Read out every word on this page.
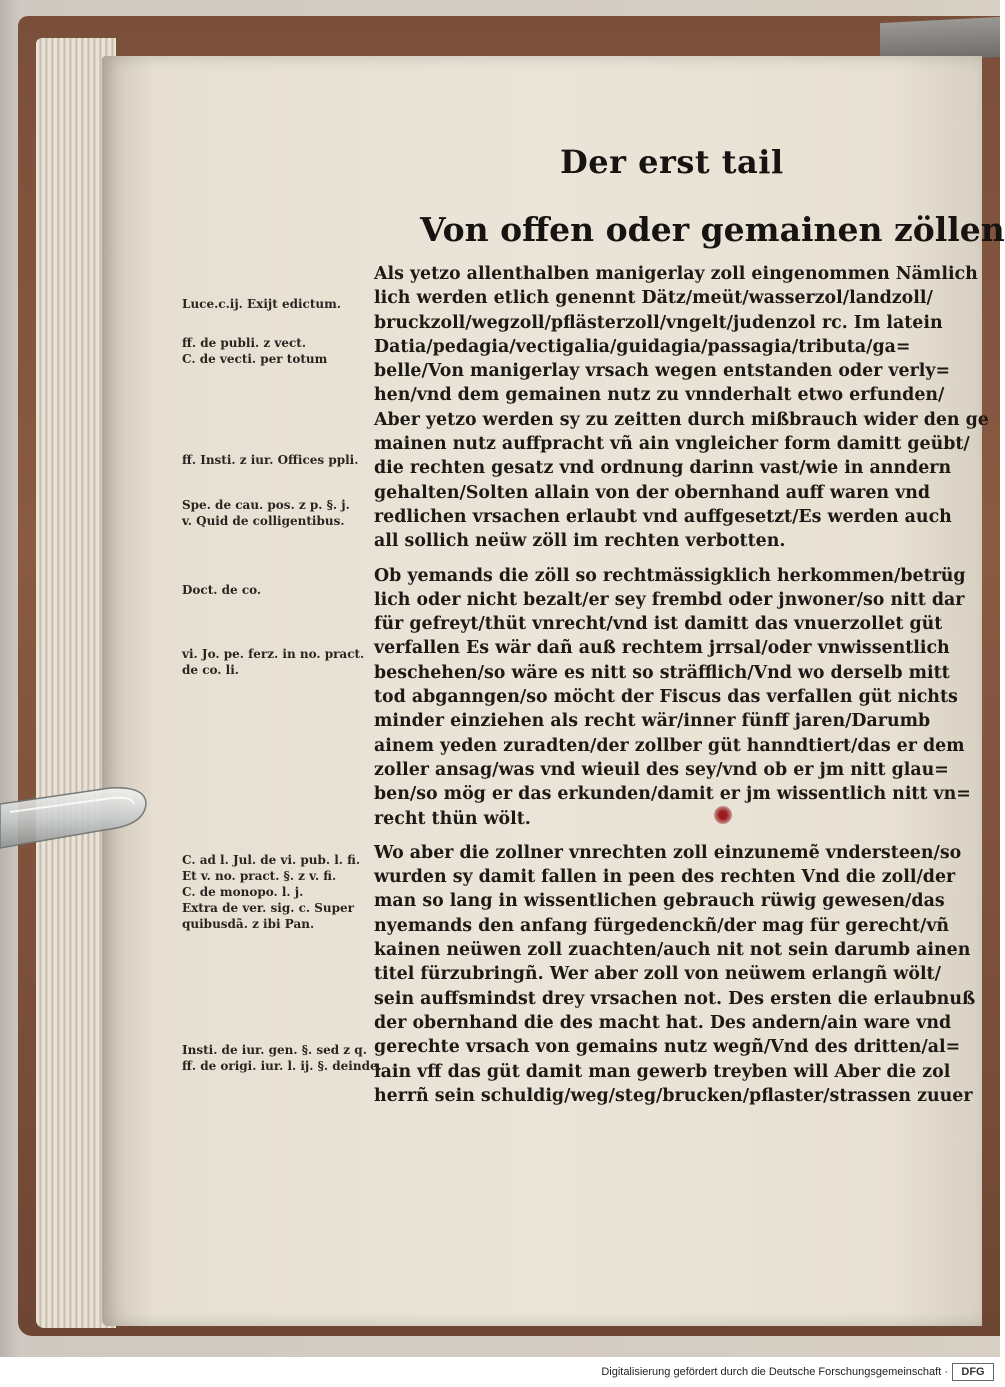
Der erst tail
Von offen oder gemainen zöllen
Als yetzo allenthalben manigerlay zoll eingenommen Nämlich
lich werden etlich genennt Dätz/meüt/wasserzol/landzoll/
bruckzoll/wegzoll/pflästerzoll/vngelt/judenzol rc. Im latein
Datia/pedagia/vectigalia/guidagia/passagia/tributa/ga=
belle/Von manigerlay vrsach wegen entstanden oder verly=
hen/vnd dem gemainen nutz zu vnnderhalt etwo erfunden/
Aber yetzo werden sy zu zeitten durch mißbrauch wider den ge
mainen nutz auffpracht vñ ain vngleicher form damitt geübt/
die rechten gesatz vnd ordnung darinn vast/wie in anndern
gehalten/Solten allain von der obernhand auff waren vnd
redlichen vrsachen erlaubt vnd auffgesetzt/Es werden auch
all sollich neüw zöll im rechten verbotten.
Ob yemands die zöll so rechtmässigklich herkommen/betrüg
lich oder nicht bezalt/er sey frembd oder jnwoner/so nitt dar
für gefreyt/thüt vnrecht/vnd ist damitt das vnuerzollet güt
verfallen Es wär dañ auß rechtem jrrsal/oder vnwissentlich
beschehen/so wäre es nitt so sträfflich/Vnd wo derselb mitt
tod abganngen/so möcht der Fiscus das verfallen güt nichts
minder einziehen als recht wär/inner fünff jaren/Darumb
ainem yeden zuradten/der zollber güt hanndtiert/das er dem
zoller ansag/was vnd wieuil des sey/vnd ob er jm nitt glau=
ben/so mög er das erkunden/damit er jm wissentlich nitt vn=
recht thün wölt.
Wo aber die zollner vnrechten zoll einzunemẽ vndersteen/so
wurden sy damit fallen in peen des rechten Vnd die zoll/der
man so lang in wissentlichen gebrauch rüwig gewesen/das
nyemands den anfang fürgedenckñ/der mag für gerecht/vñ
kainen neüwen zoll zuachten/auch nit not sein darumb ainen
titel fürzubringñ. Wer aber zoll von neüwem erlangñ wölt/
sein auffsmindst drey vrsachen not. Des ersten die erlaubnuß
der obernhand die des macht hat. Des andern/ain ware vnd
gerechte vrsach von gemains nutz wegñ/Vnd des dritten/al=
lain vff das güt damit man gewerb treyben will Aber die zol
herrñ sein schuldig/weg/steg/brucken/pflaster/strassen zuuer
Luce.c.ij. Exijt edictum.
ff. de publi. z vect.
C. de vecti. per totum
ff. Insti. z iur. Offices ppli.
Spe. de cau. pos. z p. §. j.
v. Quid de colligentibus.
Doct. de co.
vi. Jo. pe. ferz. in no. pract.
de co. li.
C. ad l. Jul. de vi. pub. l. fi.
Et v. no. pract. §. z v. fi.
C. de monopo. l. j.
Extra de ver. sig. c. Super
quibusdã. z ibi Pan.
Insti. de iur. gen. §. sed z q.
ff. de origi. iur. l. ij. §. deinde.
Digitalisierung gefördert durch die Deutsche Forschungsgemeinschaft ·	DFG
